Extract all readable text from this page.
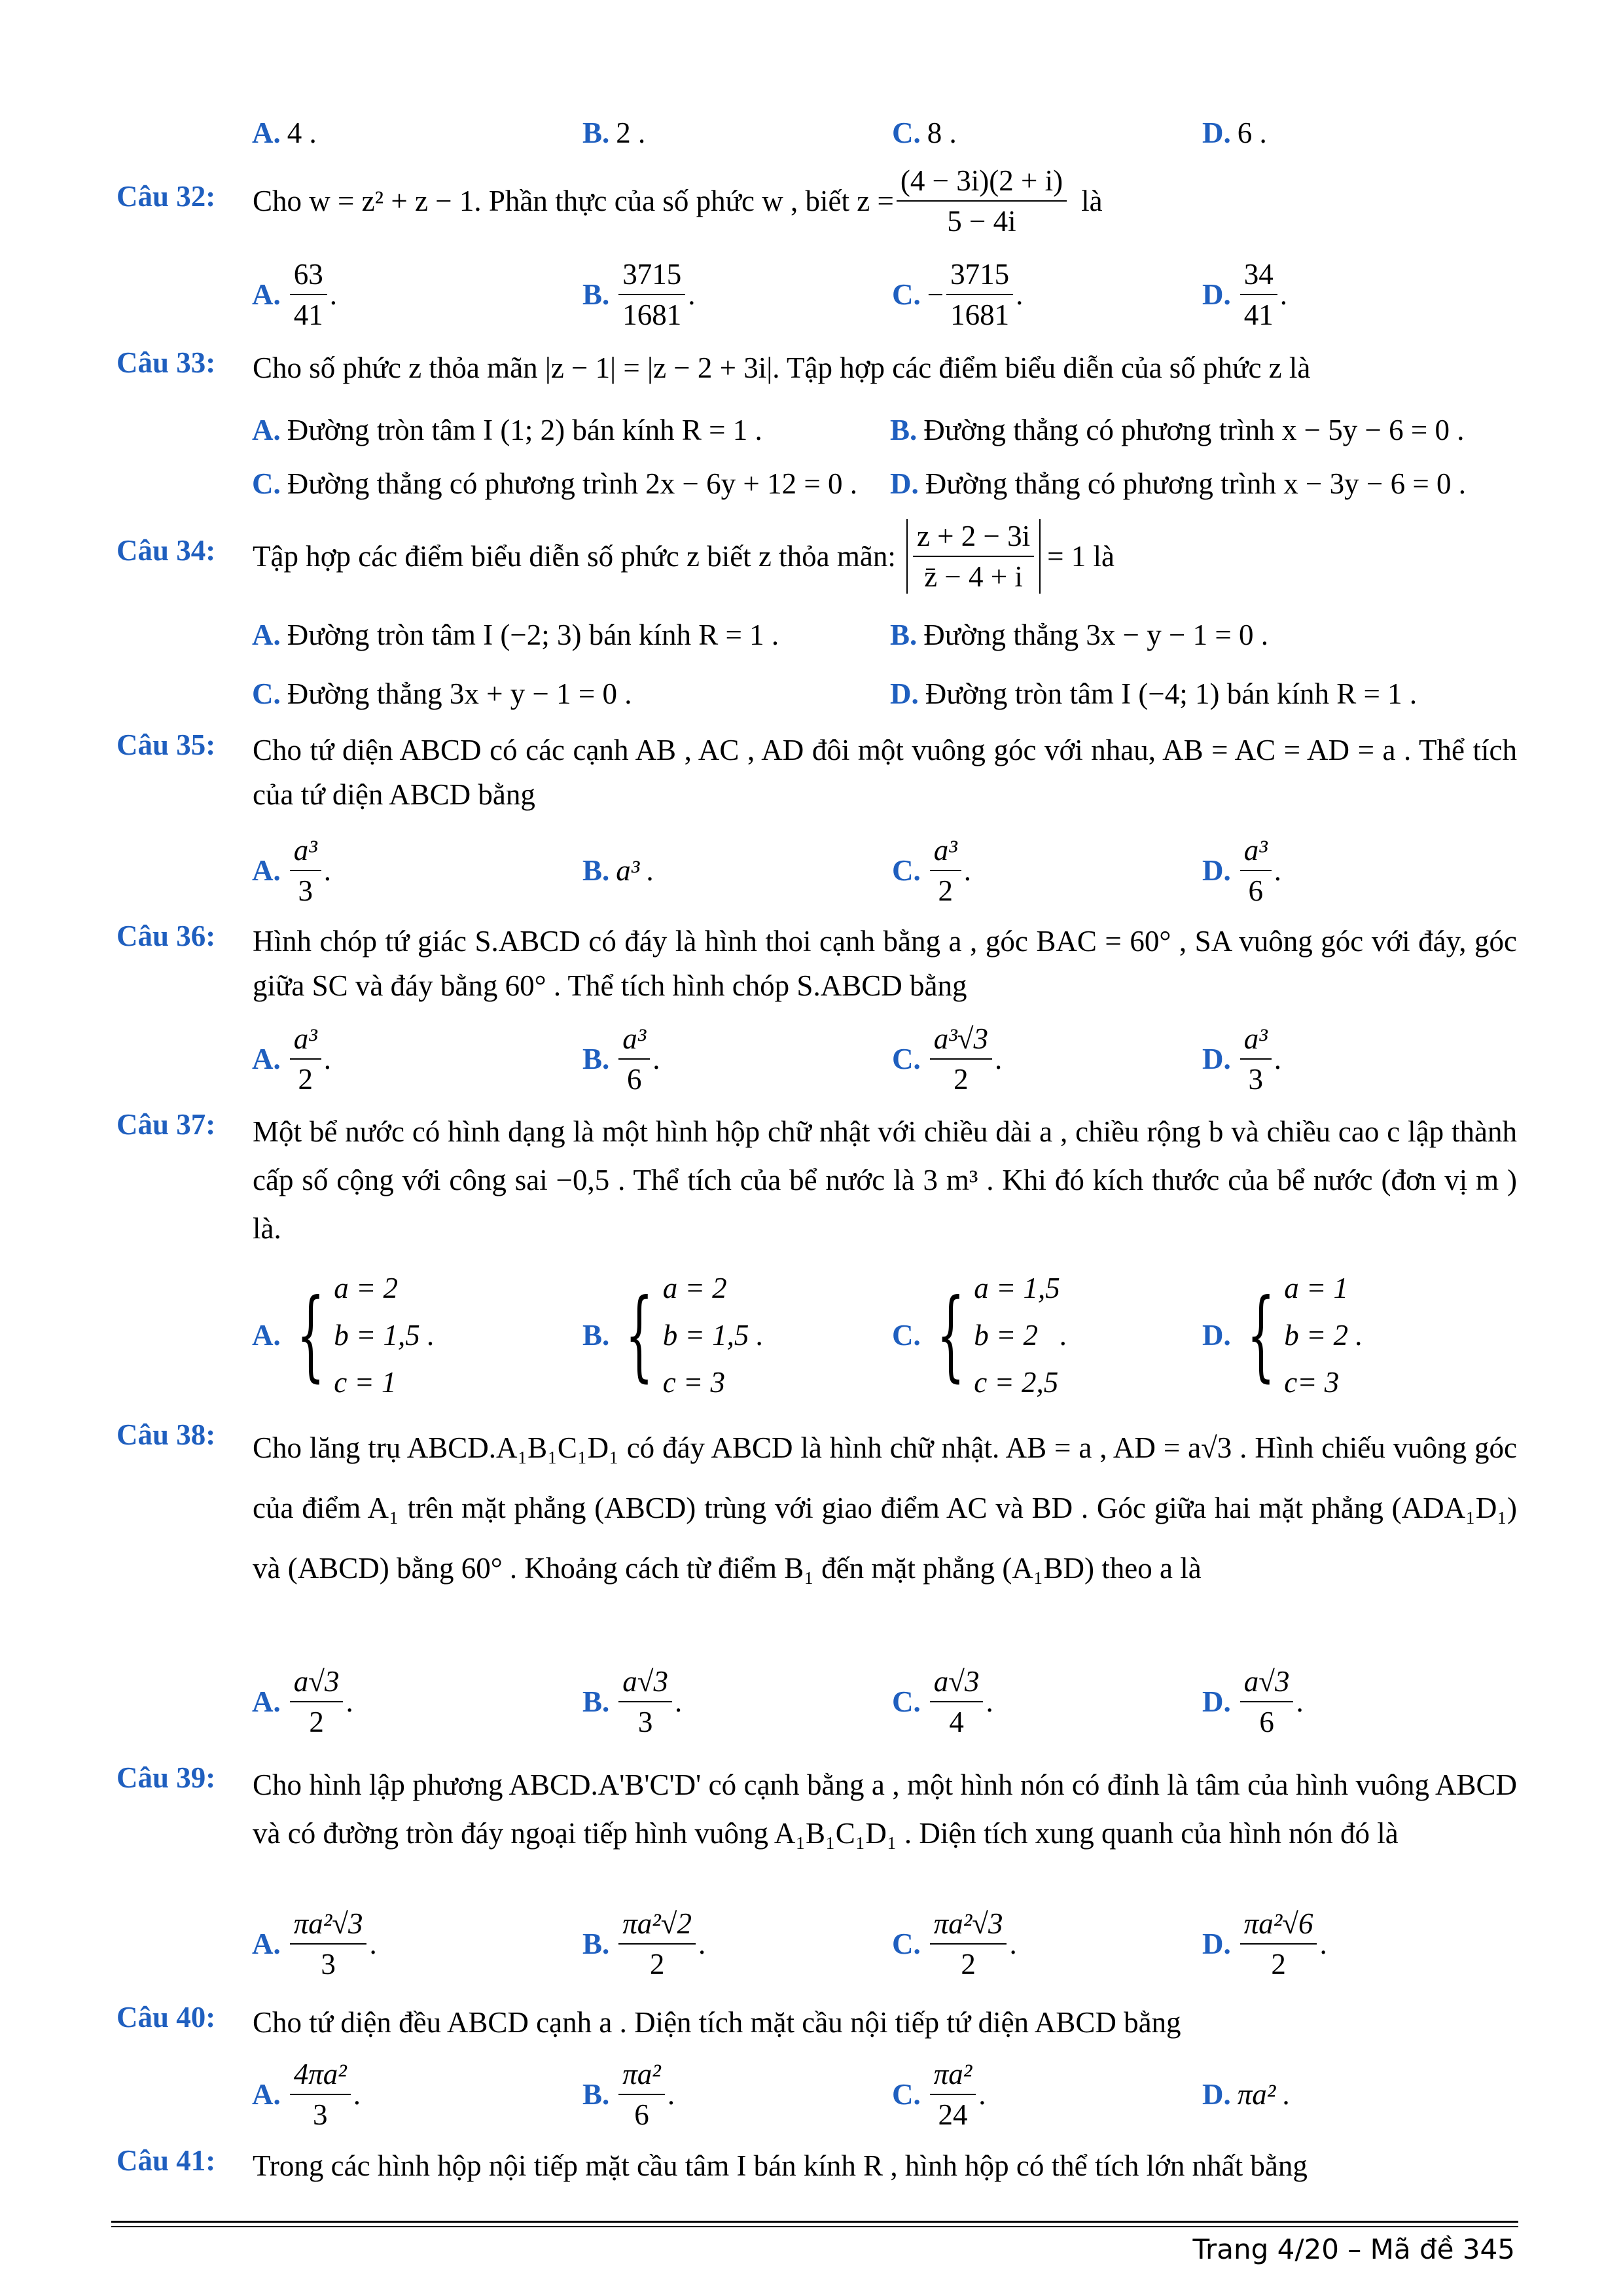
A. 4 .	B. 2 .	C. 8 .	D. 6 .
Câu 32: Cho w = z² + z − 1. Phần thực của số phức w , biết $z = \frac{(4 - 3i)(2 + i)}{5 - 4i}$ là
A. $\frac{63}{41}$ .	B. $\frac{3715}{1681}$ .	C. − $\frac{3715}{1681}$ .	D. $\frac{34}{41}$ .
Câu 33: Cho số phức z thỏa mãn |z − 1| = |z − 2 + 3i|. Tập hợp các điểm biểu diễn của số phức z là
A. Đường tròn tâm I (1; 2) bán kính R = 1 .	B. Đường thẳng có phương trình x − 5y − 6 = 0 .
C. Đường thẳng có phương trình 2x − 6y + 12 = 0 . D. Đường thẳng có phương trình x − 3y − 6 = 0 .
Câu 34: Tập hợp các điểm biểu diễn số phức z biết z thỏa mãn: $\frac{z + 2 - 3i}{z̄ - 4 + i} = 1$ là
A. Đường tròn tâm I (−2; 3) bán kính R = 1 .	B. Đường thẳng 3x − y − 1 = 0 .
C. Đường thẳng 3x + y − 1 = 0 .	D. Đường tròn tâm I (−4; 1) bán kính R = 1 .
Câu 35: Cho tứ diện ABCD có các cạnh AB , AC , AD đôi một vuông góc với nhau, AB = AC = AD = a . Thể tích của tứ diện ABCD bằng
A. $\frac{\text{a³}}{3}$ .	B. a³ .	C. $\frac{\text{a³}}{2}$ .	D. $\frac{\text{a³}}{6}$ .
Câu 36: Hình chóp tứ giác S.ABCD có đáy là hình thoi cạnh bằng a , góc BAC = 60° , SA vuông góc với đáy, góc giữa SC và đáy bằng 60° . Thể tích hình chóp S.ABCD bằng
A. $\frac{\text{a³}}{2}$ .	B. $\frac{\text{a³}}{6}$ .	C. $\frac{\text{a³√3}}{2}$ .	D. $\frac{\text{a³}}{3}$ .
Câu 37: Một bể nước có hình dạng là một hình hộp chữ nhật với chiều dài a , chiều rộng b và chiều cao c lập thành cấp số cộng với công sai −0,5 . Thể tích của bể nước là 3 m³ . Khi đó kích thước của bể nước (đơn vị m ) là.
A. { a = 2
b = 1,5 .
c = 1
B. { a = 2
b = 1,5 .
c = 3
C. { a = 1,5
b = 2   .
c = 2,5
D. { a = 1
b = 2 .
c= 3
Câu 38: Cho lăng trụ ABCD.A₁B₁C₁D₁ có đáy ABCD là hình chữ nhật. AB = a , AD = a√3 . Hình chiếu vuông góc của điểm A₁ trên mặt phẳng (ABCD) trùng với giao điểm AC và BD . Góc giữa hai mặt phẳng (ADA₁D₁) và (ABCD) bằng 60° . Khoảng cách từ điểm B₁ đến mặt phẳng (A₁BD) theo a là
A. $\frac{a√3}{2}$ .	B. $\frac{a√3}{3}$ .	C. $\frac{a√3}{4}$ .	D. $\frac{a√3}{6}$ .
Câu 39: Cho hình lập phương ABCD.A'B'C'D' có cạnh bằng a , một hình nón có đỉnh là tâm của hình vuông ABCD và có đường tròn đáy ngoại tiếp hình vuông A₁B₁C₁D₁ . Diện tích xung quanh của hình nón đó là
A. $\frac{\text{πa²√3}}{3}$ .	B. $\frac{\text{πa²√2}}{2}$ .	C. $\frac{\text{πa²√3}}{2}$ .	D. $\frac{\text{πa²√6}}{2}$ .
Câu 40: Cho tứ diện đều ABCD cạnh a . Diện tích mặt cầu nội tiếp tứ diện ABCD bằng
A. $\frac{\text{4πa²}}{3}$ .	B. $\frac{\text{πa²}}{6}$ .	C. $\frac{\text{πa²}}{24}$ .	D. πa² .
Câu 41: Trong các hình hộp nội tiếp mặt cầu tâm I bán kính R , hình hộp có thể tích lớn nhất bằng
Trang 4/20 – Mã đề 345
